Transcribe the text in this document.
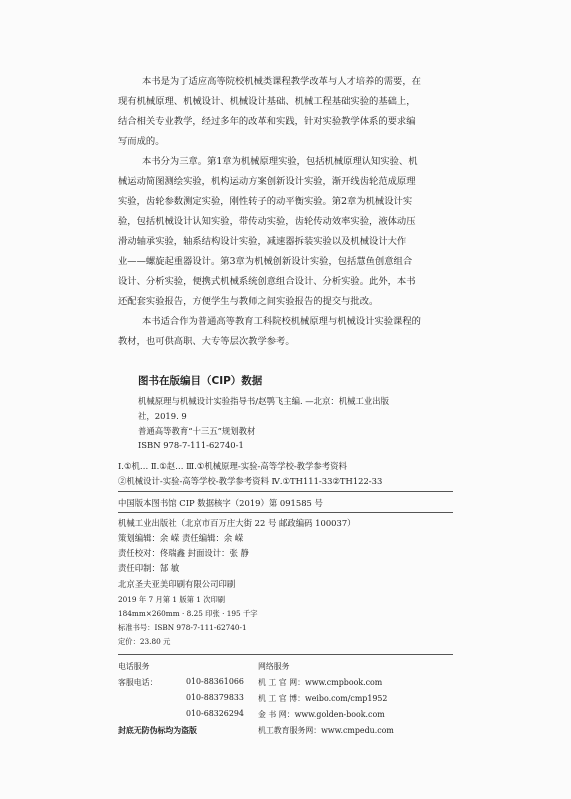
本书是为了适应高等院校机械类课程教学改革与人才培养的需要，在
现有机械原理、机械设计、机械设计基础、机械工程基础实验的基础上，
结合相关专业教学，经过多年的改革和实践，针对实验教学体系的要求编
写而成的。
本书分为三章。第1章为机械原理实验，包括机械原理认知实验、机
械运动简图测绘实验，机构运动方案创新设计实验，渐开线齿轮范成原理
实验，齿轮参数测定实验，刚性转子的动平衡实验。第2章为机械设计实
验，包括机械设计认知实验，带传动实验，齿轮传动效率实验，液体动压
滑动轴承实验，轴系结构设计实验，减速器拆装实验以及机械设计大作
业——螺旋起重器设计。第3章为机械创新设计实验，包括慧鱼创意组合
设计、分析实验，便携式机械系统创意组合设计、分析实验。此外，本书
还配套实验报告，方便学生与教师之间实验报告的提交与批改。
本书适合作为普通高等教育工科院校机械原理与机械设计实验课程的
教材，也可供高职、大专等层次教学参考。
图书在版编目（CIP）数据
机械原理与机械设计实验指导书/赵鹗飞主编. —北京：机械工业出版
社，2019. 9
普通高等教育“十三五”规划教材
ISBN 978-7-111-62740-1
Ⅰ.①机… Ⅱ.①赵… Ⅲ.①机械原理-实验-高等学校-教学参考资料
②机械设计-实验-高等学校-教学参考资料 Ⅳ.①TH111-33②TH122-33
中国版本图书馆 CIP 数据核字（2019）第 091585 号
机械工业出版社（北京市百万庄大街 22 号 邮政编码 100037）
策划编辑：余 嵘 责任编辑：余 嵘
责任校对：佟瑞鑫 封面设计：张 静
责任印制：郜 敏
北京圣夫亚美印刷有限公司印刷
2019 年 7 月第 1 版第 1 次印刷
184mm×260mm · 8.25 印张 · 195 千字
标准书号：ISBN 978-7-111-62740-1
定价：23.80 元
电话服务	网络服务
客服电话：	010-88361066
010-88379833
010-68326294
机 工 官 网：www.cmpbook.com
机 工 官 博：weibo.com/cmp1952
金 书 网：www.golden-book.com
机工教育服务网：www.cmpedu.com
封底无防伪标均为盗版
